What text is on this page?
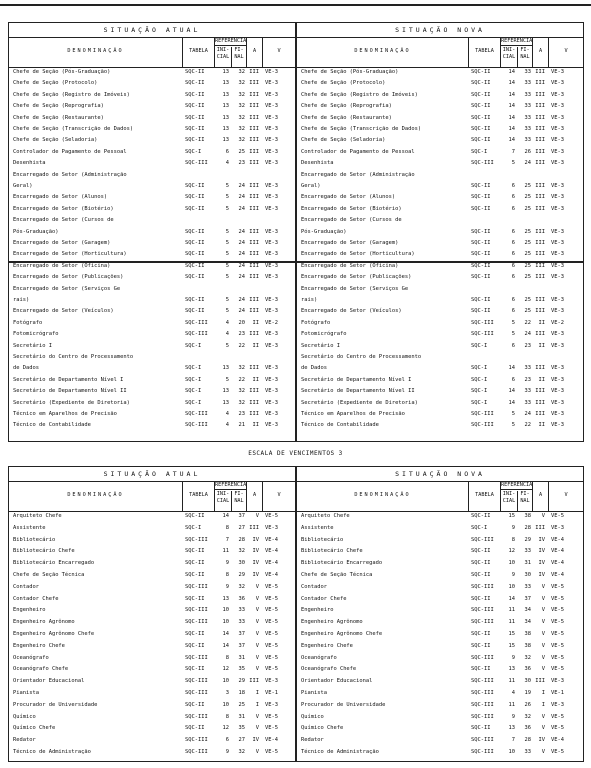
SITUAÇÃO ATUAL
DENOMINAÇÃO	TABELA
REFERÊNCIA
INI- CIAL
FI- NAL
A	V
Chefe de Seção (Pós-Graduação)	SQC-II	13	32 III VE-3
Chefe de Seção (Protocolo)	SQC-II	13	32 III VE-3
Chefe de Seção (Registro de Imóveis)	SQC-II	13	32 III VE-3
Chefe de Seção (Reprografia)	SQC-II	13	32 III VE-3
Chefe de Seção (Restaurante)	SQC-II	13	32 III VE-3
Chefe de Seção (Transcrição de Dados)	SQC-II	13	32 III VE-3
Chefe de Seção (Seladoria)	SQC-II	13	32 III VE-3
Controlador de Pagamento de Pessoal	SQC-I	6	25 III VE-3
Desenhista	SQC-III	4	23 III VE-3
Encarregado de Setor (Administração
Geral)	SQC-II	5	24 III VE-3
Encarregado de Setor (Alunos)	SQC-II	5	24 III VE-3
Encarregado de Setor (Biotério)	SQC-II	5	24 III VE-3
Encarregado de Setor (Cursos de
Pós-Graduação)	SQC-II	5	24 III VE-3
Encarregado de Setor (Garagem)	SQC-II	5	24 III VE-3
Encarregado de Setor (Horticultura)	SQC-II	5	24 III VE-3
Encarregado de Setor (Oficina)	SQC-II	5	24 III VE-3
Encarregado de Setor (Publicações)	SQC-II	5	24 III VE-3
Encarregado de Setor (Serviços Ge
rais)	SQC-II	5	24 III VE-3
Encarregado de Setor (Veículos)	SQC-II	5	24 III VE-3
Fotógrafo	SQC-III	4	20	II VE-2
Fotomicrógrafo	SQC-III	4	23 III VE-3
Secretário I	SQC-I	5	22	II VE-3
Secretário do Centro de Processamento
de Dados	SQC-I	13	32 III VE-3
Secretário de Departamento Nível I	SQC-I	5	22	II VE-3
Secretário de Departamento Nível II	SQC-I	13	32 III VE-3
Secretário (Expediente de Diretoria)	SQC-I	13	32 III VE-3
Técnico em Aparelhos de Precisão	SQC-III	4	23 III VE-3
Técnico de Contabilidade	SQC-III	4	21	II VE-3
SITUAÇÃO NOVA
DENOMINAÇÃO	TABELA
REFERÊNCIA
INI- CIAL
FI- NAL
A	V
Chefe de Seção (Pós-Graduação)	SQC-II	14	33 III VE-3
Chefe de Seção (Protocolo)	SQC-II	14	33 III VE-3
Chefe de Seção (Registro de Imóveis)	SQC-II	14	33 III VE-3
Chefe de Seção (Reprografia)	SQC-II	14	33 III VE-3
Chefe de Seção (Restaurante)	SQC-II	14	33 III VE-3
Chefe de Seção (Transcrição de Dados)	SQC-II	14	33 III VE-3
Chefe de Seção (Seladoria)	SQC-II	14	33 III VE-3
Controlador de Pagamento de Pessoal	SQC-I	7	26 III VE-3
Desenhista	SQC-III	5	24 III VE-3
Encarregado de Setor (Administração
Geral)	SQC-II	6	25 III VE-3
Encarregado de Setor (Alunos)	SQC-II	6	25 III VE-3
Encarregado de Setor (Biotério)	SQC-II	6	25 III VE-3
Encarregado de Setor (Cursos de
Pós-Graduação)	SQC-II	6	25 III VE-3
Encarregado de Setor (Garagem)	SQC-II	6	25 III VE-3
Encarregado de Setor (Horticultura)	SQC-II	6	25 III VE-3
Encarregado de Setor (Oficina)	SQC-II	6	25 III VE-3
Encarregado de Setor (Publicações)	SQC-II	6	25 III VE-3
Encarregado de Setor (Serviços Ge
rais)	SQC-II	6	25 III VE-3
Encarregado de Setor (Veículos)	SQC-II	6	25 III VE-3
Fotógrafo	SQC-III	5	22	II VE-2
Fotomicrógrafo	SQC-III	5	24 III VE-3
Secretário I	SQC-I	6	23	II VE-3
Secretário do Centro de Processamento
de Dados	SQC-I	14	33 III VE-3
Secretário de Departamento Nível I	SQC-I	6	23	II VE-3
Secretário de Departamento Nível II	SQC-I	14	33 III VE-3
Secretário (Expediente de Diretoria)	SQC-I	14	33 III VE-3
Técnico em Aparelhos de Precisão	SQC-III	5	24 III VE-3
Técnico de Contabilidade	SQC-III	5	22	II VE-3
ESCALA DE VENCIMENTOS 3
SITUAÇÃO ATUAL
DENOMINAÇÃO	TABELA
REFERÊNCIA
INI- CIAL
FI- NAL
A	V
Arquiteto Chefe	SQC-II	14	37	V VE-5
Assistente	SQC-I	8	27 III VE-3
Bibliotecário	SQC-III	7	28	IV VE-4
Bibliotecário Chefe	SQC-II	11	32	IV VE-4
Bibliotecário Encarregado	SQC-II	9	30	IV VE-4
Chefe de Seção Técnica	SQC-II	8	29	IV VE-4
Contador	SQC-III	9	32	V VE-5
Contador Chefe	SQC-II	13	36	V VE-5
Engenheiro	SQC-III	10	33	V VE-5
Engenheiro Agrônomo	SQC-III	10	33	V VE-5
Engenheiro Agrônomo Chefe	SQC-II	14	37	V VE-5
Engenheiro Chefe	SQC-II	14	37	V VE-5
Oceanógrafo	SQC-III	8	31	V VE-5
Oceanógrafo Chefe	SQC-II	12	35	V VE-5
Orientador Educacional	SQC-III	10	29 III VE-3
Pianista	SQC-III	3	18	I VE-1
Procurador de Universidade	SQC-II	10	25	I VE-3
Químico	SQC-III	8	31	V VE-5
Químico Chefe	SQC-II	12	35	V VE-5
Redator	SQC-III	6	27	IV VE-4
Técnico de Administração	SQC-III	9	32	V VE-5
SITUAÇÃO NOVA
DENOMINAÇÃO	TABELA
REFERÊNCIA
INI- CIAL
FI- NAL
A	V
Arquiteto Chefe	SQC-II	15	38	V VE-5
Assistente	SQC-I	9	28 III VE-3
Bibliotecário	SQC-III	8	29	IV VE-4
Bibliotecário Chefe	SQC-II	12	33	IV VE-4
Bibliotecário Encarregado	SQC-II	10	31	IV VE-4
Chefe de Seção Técnica	SQC-II	9	30	IV VE-4
Contador	SQC-III	10	33	V VE-5
Contador Chefe	SQC-II	14	37	V VE-5
Engenheiro	SQC-III	11	34	V VE-5
Engenheiro Agrônomo	SQC-III	11	34	V VE-5
Engenheiro Agrônomo Chefe	SQC-II	15	38	V VE-5
Engenheiro Chefe	SQC-II	15	38	V VE-5
Oceanógrafo	SQC-III	9	32	V VE-5
Oceanógrafo Chefe	SQC-II	13	36	V VE-5
Orientador Educacional	SQC-III	11	30 III VE-3
Pianista	SQC-III	4	19	I VE-1
Procurador de Universidade	SQC-III	11	26	I VE-3
Químico	SQC-III	9	32	V VE-5
Químico Chefe	SQC-II	13	36	V VE-5
Redator	SQC-III	7	28	IV VE-4
Técnico de Administração	SQC-III	10	33	V VE-5
